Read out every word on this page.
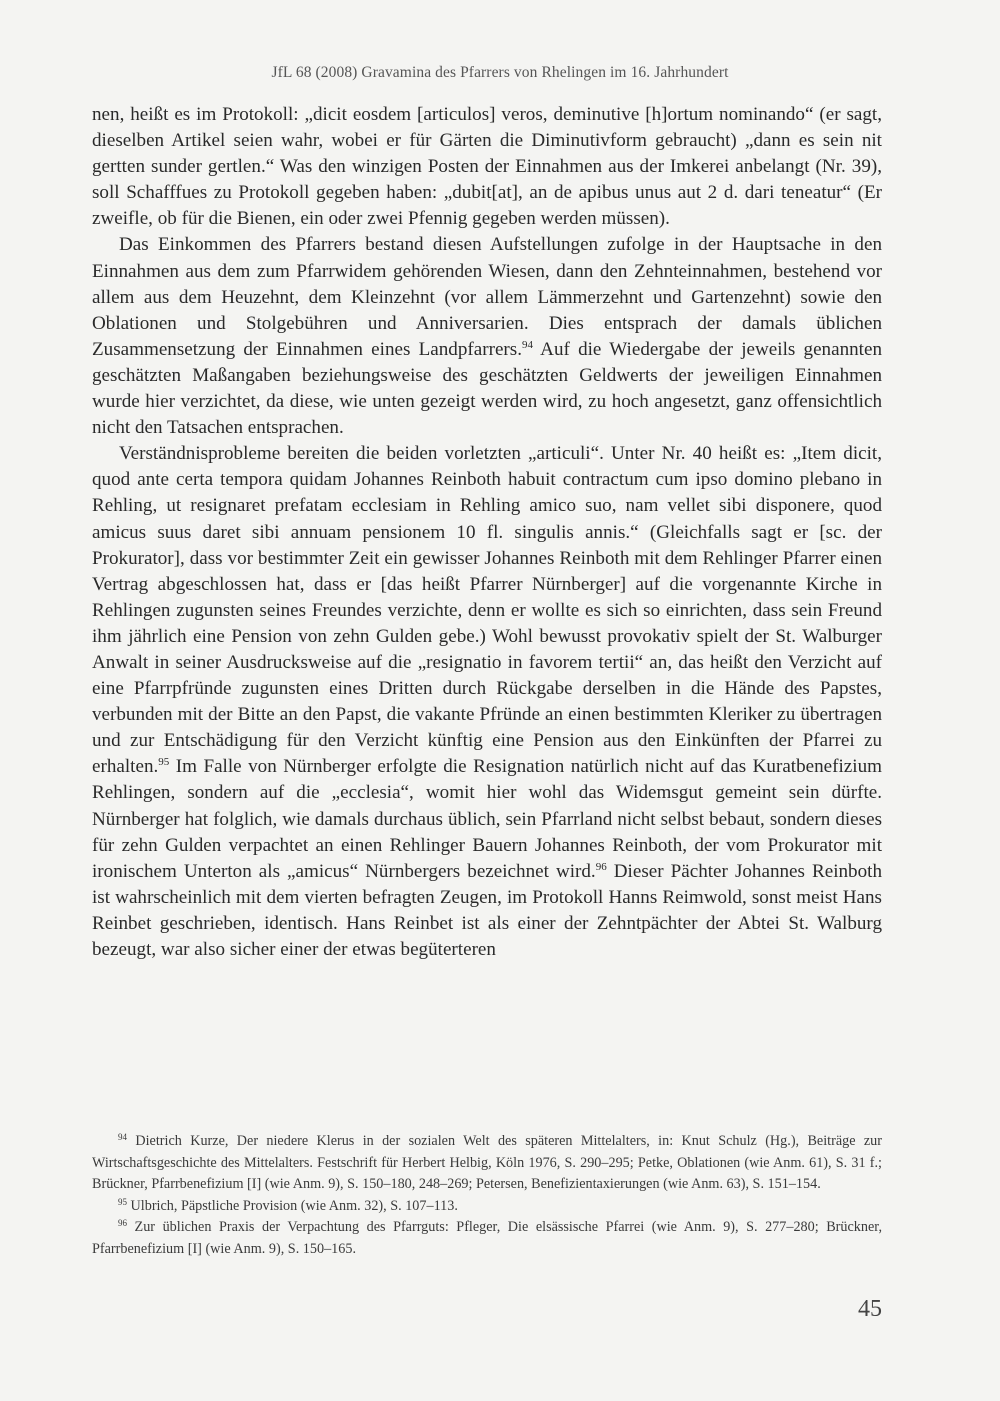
JfL 68 (2008) Gravamina des Pfarrers von Rhelingen im 16. Jahrhundert

nen, heißt es im Protokoll: „dicit eosdem [articulos] veros, deminutive [h]ortum nominando“ (er sagt, dieselben Artikel seien wahr, wobei er für Gärten die Diminutivform gebraucht) „dann es sein nit gertten sunder gertlen.“ Was den winzigen Posten der Einnahmen aus der Imkerei anbelangt (Nr. 39), soll Schafffues zu Protokoll gegeben haben: „dubit[at], an de apibus unus aut 2 d. dari teneatur“ (Er zweifle, ob für die Bienen, ein oder zwei Pfennig gegeben werden müssen).

Das Einkommen des Pfarrers bestand diesen Aufstellungen zufolge in der Hauptsache in den Einnahmen aus dem zum Pfarrwidem gehörenden Wiesen, dann den Zehnteinnahmen, bestehend vor allem aus dem Heuzehnt, dem Kleinzehnt (vor allem Lämmerzehnt und Gartenzehnt) sowie den Oblationen und Stolgebühren und Anniversarien. Dies entsprach der damals üblichen Zusammensetzung der Einnahmen eines Landpfarrers.$^{94}$ Auf die Wiedergabe der jeweils genannten geschätzten Maßangaben beziehungsweise des geschätzten Geldwerts der jeweiligen Einnahmen wurde hier verzichtet, da diese, wie unten gezeigt werden wird, zu hoch angesetzt, ganz offensichtlich nicht den Tatsachen entsprachen.

Verständnisprobleme bereiten die beiden vorletzten „articuli“. Unter Nr. 40 heißt es: „Item dicit, quod ante certa tempora quidam Johannes Reinboth habuit contractum cum ipso domino plebano in Rehling, ut resignaret prefatam ecclesiam in Rehling amico suo, nam vellet sibi disponere, quod amicus suus daret sibi annuam pensionem 10 fl. singulis annis.“ (Gleichfalls sagt er [sc. der Prokurator], dass vor bestimmter Zeit ein gewisser Johannes Reinboth mit dem Rehlinger Pfarrer einen Vertrag abgeschlossen hat, dass er [das heißt Pfarrer Nürnberger] auf die vorgenannte Kirche in Rehlingen zugunsten seines Freundes verzichte, denn er wollte es sich so einrichten, dass sein Freund ihm jährlich eine Pension von zehn Gulden gebe.) Wohl bewusst provokativ spielt der St. Walburger Anwalt in seiner Ausdrucksweise auf die „resignatio in favorem tertii“ an, das heißt den Verzicht auf eine Pfarrpfründe zugunsten eines Dritten durch Rückgabe derselben in die Hände des Papstes, verbunden mit der Bitte an den Papst, die vakante Pfründe an einen bestimmten Kleriker zu übertragen und zur Entschädigung für den Verzicht künftig eine Pension aus den Einkünften der Pfarrei zu erhalten.$^{95}$ Im Falle von Nürnberger erfolgte die Resignation natürlich nicht auf das Kuratbenefizium Rehlingen, sondern auf die „ecclesia“, womit hier wohl das Widemsgut gemeint sein dürfte. Nürnberger hat folglich, wie damals durchaus üblich, sein Pfarrland nicht selbst bebaut, sondern dieses für zehn Gulden verpachtet an einen Rehlinger Bauern Johannes Reinboth, der vom Prokurator mit ironischem Unterton als „amicus“ Nürnbergers bezeichnet wird.$^{96}$ Dieser Pächter Johannes Reinboth ist wahrscheinlich mit dem vierten befragten Zeugen, im Protokoll Hanns Reimwold, sonst meist Hans Reinbet geschrieben, identisch. Hans Reinbet ist als einer der Zehntpächter der Abtei St. Walburg bezeugt, war also sicher einer der etwas begüterteren

$^{94}$ Dietrich Kurze, Der niedere Klerus in der sozialen Welt des späteren Mittelalters, in: Knut Schulz (Hg.), Beiträge zur Wirtschaftsgeschichte des Mittelalters. Festschrift für Herbert Helbig, Köln 1976, S. 290–295; Petke, Oblationen (wie Anm. 61), S. 31 f.; Brückner, Pfarrbenefizium [I] (wie Anm. 9), S. 150–180, 248–269; Petersen, Benefizientaxierungen (wie Anm. 63), S. 151–154.

$^{95}$ Ulbrich, Päpstliche Provision (wie Anm. 32), S. 107–113.

$^{96}$ Zur üblichen Praxis der Verpachtung des Pfarrguts: Pfleger, Die elsässische Pfarrei (wie Anm. 9), S. 277–280; Brückner, Pfarrbenefizium [I] (wie Anm. 9), S. 150–165.

45
